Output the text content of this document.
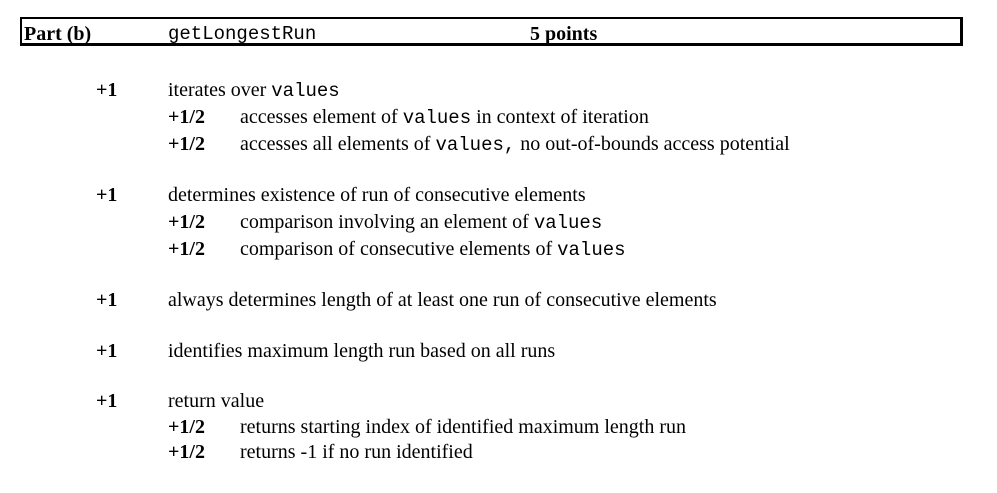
Part (b)	getLongestRun	5 points
+1	iterates over values
+1/2 accesses element of values in context of iteration
+1/2 accesses all elements of values, no out-of-bounds access potential
+1	determines existence of run of consecutive elements
+1/2 comparison involving an element of values
+1/2 comparison of consecutive elements of values
+1	always determines length of at least one run of consecutive elements
+1	identifies maximum length run based on all runs
+1	return value
+1/2 returns starting index of identified maximum length run
+1/2 returns -1 if no run identified
